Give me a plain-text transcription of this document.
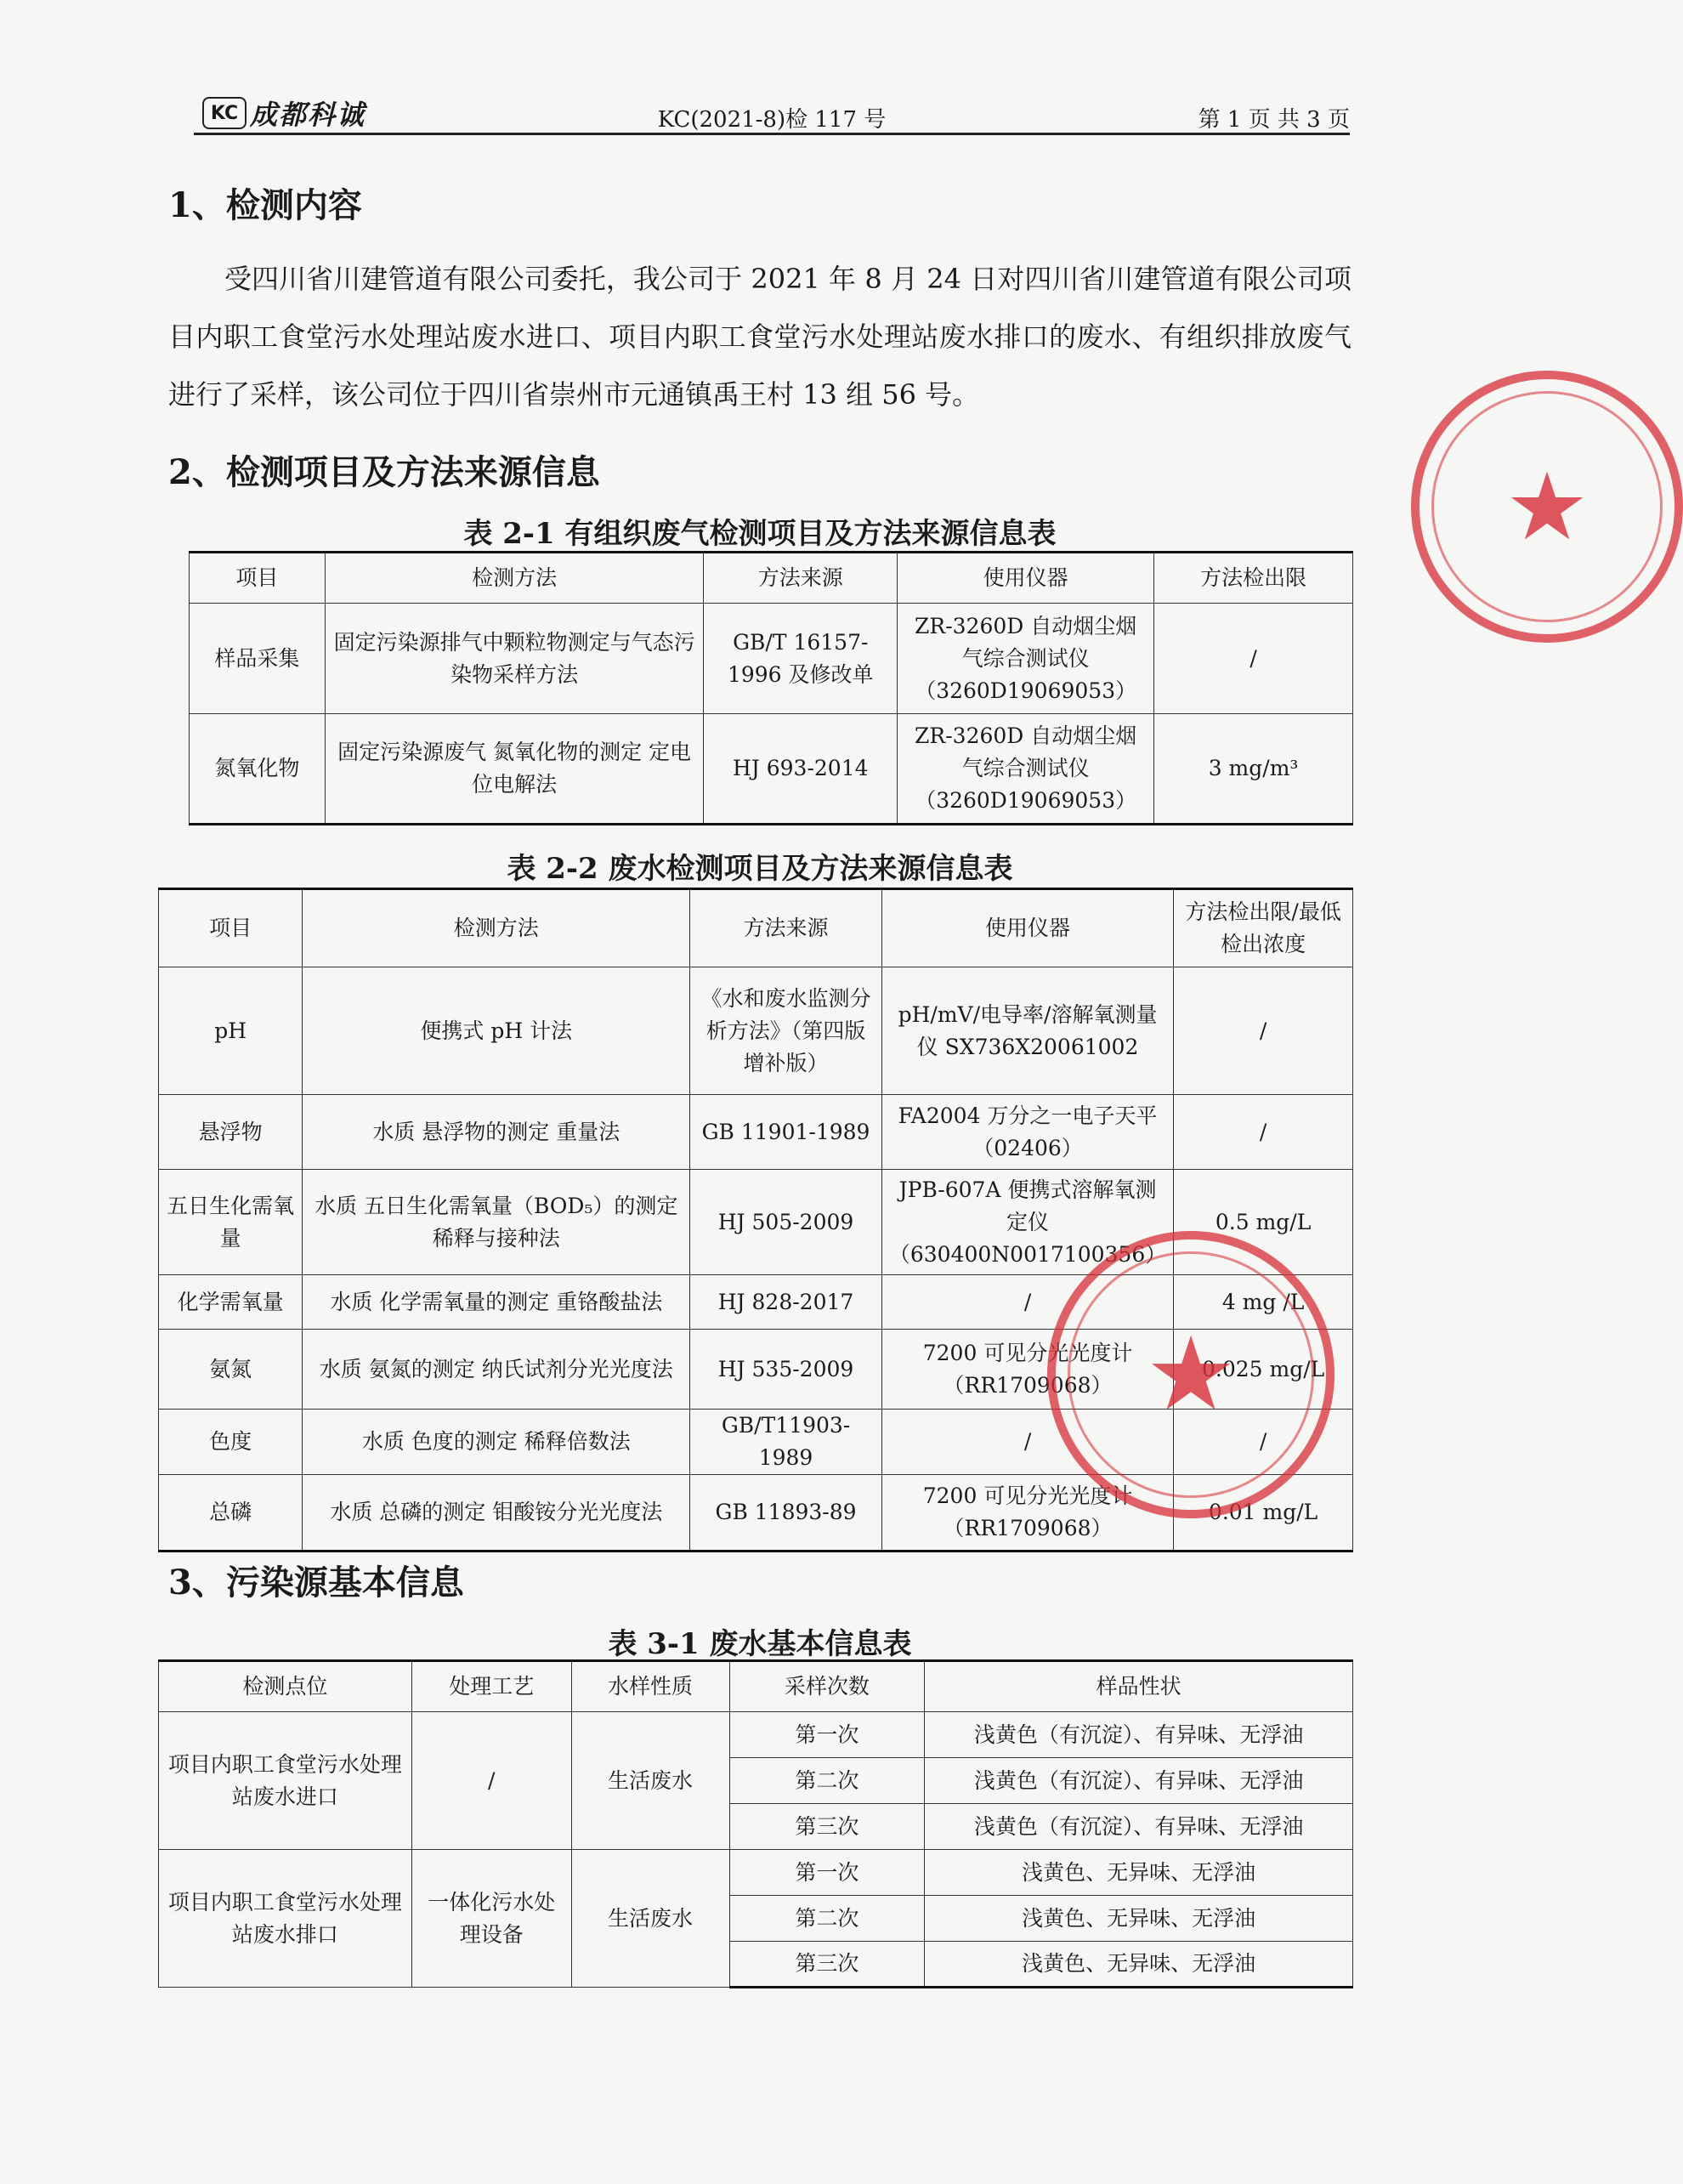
KC 成都科诚	KC(2021-8)检 117 号	第 1 页 共 3 页
1、检测内容

受四川省川建管道有限公司委托，我公司于 2021 年 8 月 24 日对四川省川建管道有限公司项目内职工食堂污水处理站废水进口、项目内职工食堂污水处理站废水排口的废水、有组织排放废气进行了采样，该公司位于四川省崇州市元通镇禹王村 13 组 56 号。

2、检测项目及方法来源信息
表 2-1 有组织废气检测项目及方法来源信息表
项目	检测方法	方法来源	使用仪器	方法检出限
样品采集	固定污染源排气中颗粒物测定与气态污染物采样方法	GB/T 16157-1996 及修改单	ZR-3260D 自动烟尘烟气综合测试仪（3260D19069053）	/
氮氧化物	固定污染源废气 氮氧化物的测定 定电位电解法	HJ 693-2014	ZR-3260D 自动烟尘烟气综合测试仪（3260D19069053）	3 mg/m³
表 2-2 废水检测项目及方法来源信息表
项目	检测方法	方法来源	使用仪器	方法检出限/最低检出浓度
pH	便携式 pH 计法	《水和废水监测分析方法》（第四版增补版）	pH/mV/电导率/溶解氧测量仪 SX736X20061002	/
悬浮物	水质 悬浮物的测定 重量法	GB 11901-1989	FA2004 万分之一电子天平（02406）	/
五日生化需氧量	水质 五日生化需氧量（BOD₅）的测定 稀释与接种法	HJ 505-2009	JPB-607A 便携式溶解氧测定仪（630400N0017100356）	0.5 mg/L
化学需氧量	水质 化学需氧量的测定 重铬酸盐法	HJ 828-2017	/	4 mg /L
氨氮	水质 氨氮的测定 纳氏试剂分光光度法	HJ 535-2009	7200 可见分光光度计（RR1709068）	0.025 mg/L
色度	水质 色度的测定 稀释倍数法	GB/T11903-1989	/	/
总磷	水质 总磷的测定 钼酸铵分光光度法	GB 11893-89	7200 可见分光光度计（RR1709068）	0.01 mg/L
3、污染源基本信息
表 3-1 废水基本信息表
检测点位	处理工艺	水样性质	采样次数	样品性状
项目内职工食堂污水处理站废水进口	/	生活废水	第一次	浅黄色（有沉淀）、有异味、无浮油
			第二次	浅黄色（有沉淀）、有异味、无浮油
			第三次	浅黄色（有沉淀）、有异味、无浮油
项目内职工食堂污水处理站废水排口	一体化污水处理设备	生活废水	第一次	浅黄色、无异味、无浮油
			第二次	浅黄色、无异味、无浮油
			第三次	浅黄色、无异味、无浮油
★
★
